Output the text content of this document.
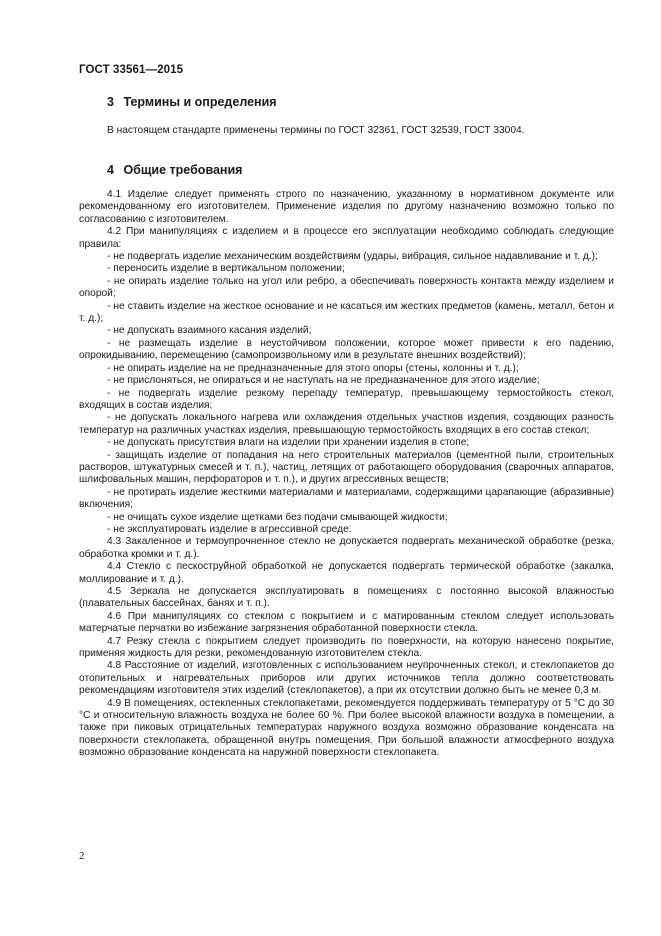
ГОСТ 33561—2015
3 Термины и определения
В настоящем стандарте применены термины по ГОСТ 32361, ГОСТ 32539, ГОСТ 33004.
4 Общие требования

4.1 Изделие следует применять строго по назначению, указанному в нормативном документе или рекомендованному его изготовителем. Применение изделия по другому назначению возможно только по согласованию с изготовителем.

4.2 При манипуляциях с изделием и в процессе его эксплуатации необходимо соблюдать следующие правила:

- не подвергать изделие механическим воздействиям (удары, вибрация, сильное надавливание и т. д.);

- переносить изделие в вертикальном положении;

- не опирать изделие только на угол или ребро, а обеспечивать поверхность контакта между изделием и опорой;

- не ставить изделие на жесткое основание и не касаться им жестких предметов (камень, металл, бетон и т. д.);

- не допускать взаимного касания изделий;

- не размещать изделие в неустойчивом положении, которое может привести к его падению, опрокидыванию, перемещению (самопроизвольному или в результате внешних воздействий);

- не опирать изделие на не предназначенные для этого опоры (стены, колонны и т. д.);

- не прислоняться, не опираться и не наступать на не предназначенное для этого изделие;

- не подвергать изделие резкому перепаду температур, превышающему термостойкость стекол, входящих в состав изделия;

- не допускать локального нагрева или охлаждения отдельных участков изделия, создающих разность температур на различных участках изделия, превышающую термостойкость входящих в его состав стекол;

- не допускать присутствия влаги на изделии при хранении изделия в стопе;

- защищать изделие от попадания на него строительных материалов (цементной пыли, строительных растворов, штукатурных смесей и т. п.), частиц, летящих от работающего оборудования (сварочных аппаратов, шлифовальных машин, перфораторов и т. п.), и других агрессивных веществ;

- не протирать изделие жесткими материалами и материалами, содержащими царапающие (абразивные) включения;

- не очищать сухое изделие щетками без подачи смывающей жидкости;

- не эксплуатировать изделие в агрессивной среде.

4.3 Закаленное и термоупрочненное стекло не допускается подвергать механической обработке (резка, обработка кромки и т. д.).

4.4 Стекло с пескоструйной обработкой не допускается подвергать термической обработке (закалка, моллирование и т. д.).

4.5 Зеркала не допускается эксплуатировать в помещениях с постоянно высокой влажностью (плавательных бассейнах, банях и т. п.).

4.6 При манипуляциях со стеклом с покрытием и с матированным стеклом следует использовать матерчатые перчатки во избежание загрязнения обработанной поверхности стекла.

4.7 Резку стекла с покрытием следует производить по поверхности, на которую нанесено покрытие, применяя жидкость для резки, рекомендованную изготовителем стекла.

4.8 Расстояние от изделий, изготовленных с использованием неупрочненных стекол, и стеклопакетов до отопительных и нагревательных приборов или других источников тепла должно соответствовать рекомендациям изготовителя этих изделий (стеклопакетов), а при их отсутствии должно быть не менее 0,3 м.

4.9 В помещениях, остекленных стеклопакетами, рекомендуется поддерживать температуру от 5 °С до 30 °С и относительную влажность воздуха не более 60 %. При более высокой влажности воздуха в помещении, а также при пиковых отрицательных температурах наружного воздуха возможно образование конденсата на поверхности стеклопакета, обращенной внутрь помещения. При большой влажности атмосферного воздуха возможно образование конденсата на наружной поверхности стеклопакета.

2
